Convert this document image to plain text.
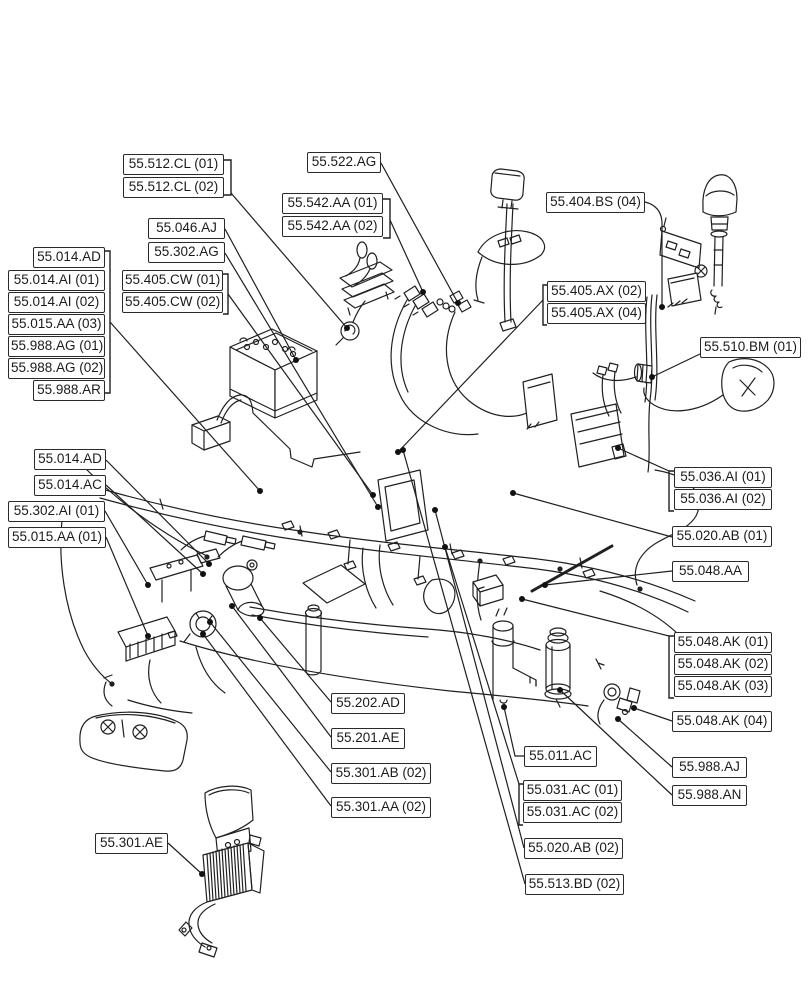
55.512.CL (01)
55.512.CL (02)
55.522.AG
55.542.AA (01)
55.542.AA (02)
55.046.AJ
55.302.AG
55.014.AD
55.014.AI (01)
55.014.AI (02)
55.015.AA (03)
55.988.AG (01)
55.988.AG (02)
55.988.AR
55.405.CW (01)
55.405.CW (02)
55.404.BS (04)
55.405.AX (02)
55.405.AX (04)
55.510.BM (01)
55.036.AI (01)
55.036.AI (02)
55.020.AB (01)
55.048.AA
55.048.AK (01)
55.048.AK (02)
55.048.AK (03)
55.048.AK (04)
55.988.AJ
55.988.AN
55.202.AD
55.201.AE
55.301.AB (02)
55.301.AA (02)
55.011.AC
55.031.AC (01)
55.031.AC (02)
55.020.AB (02)
55.513.BD (02)
55.301.AE
55.014.AD
55.014.AC
55.302.AI (01)
55.015.AA (01)
